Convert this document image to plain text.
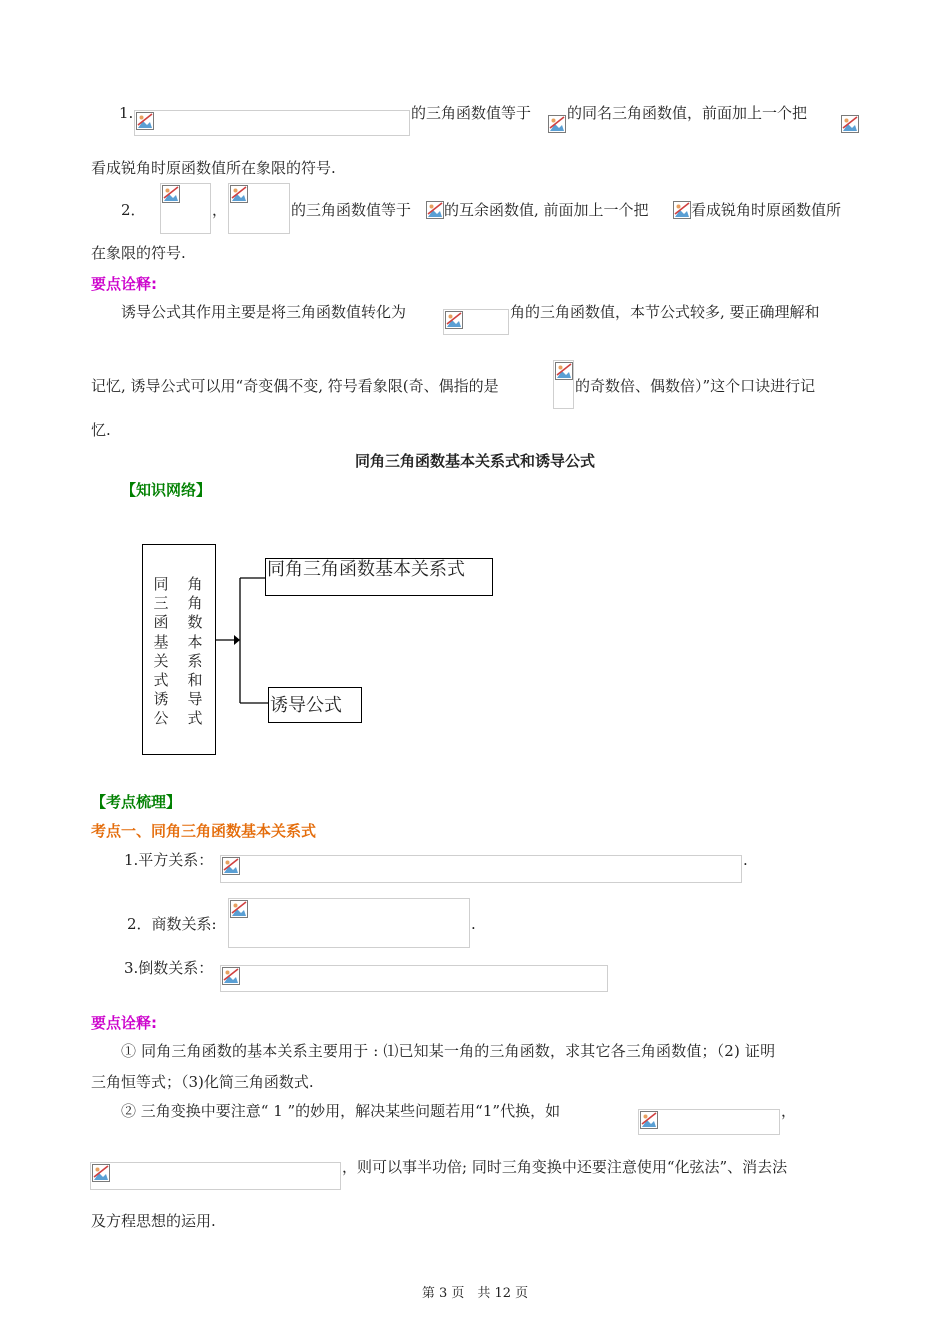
1.	的三角函数值等于 的同名三角函数值，前面加上一个把
看成锐角时原函数值所在象限的符号.
2．	，	的三角函数值等于 的互余函数值, 前面加上一个把	看成锐角时原函数值所
在象限的符号.
要点诠释:
诱导公式其作用主要是将三角函数值转化为	角的三角函数值，本节公式较多, 要正确理解和
记忆, 诱导公式可以用“奇变偶不变, 符号看象限(奇、偶指的是	的奇数倍、偶数倍）”这个口诀进行记
忆.
同角三角函数基本关系式和诱导公式
【知识网络】
同三函基关式诱公
角角数本系和导式
同角三角函数基本关系式
诱导公式
【考点梳理】
考点一、同角三角函数基本关系式
1.平方关系：	.
2．商数关系:	.
3.倒数关系：
要点诠释:
① 同角三角函数的基本关系主要用于 : ⑴已知某一角的三角函数，求其它各三角函数值；（2) 证明
三角恒等式；（3)化简三角函数式.
② 三角变换中要注意“ 1 ”的妙用，解决某些问题若用“1”代换，如	，
，则可以事半功倍; 同时三角变换中还要注意使用“化弦法”、消去法
及方程思想的运用.
第 3 页　共 12 页
